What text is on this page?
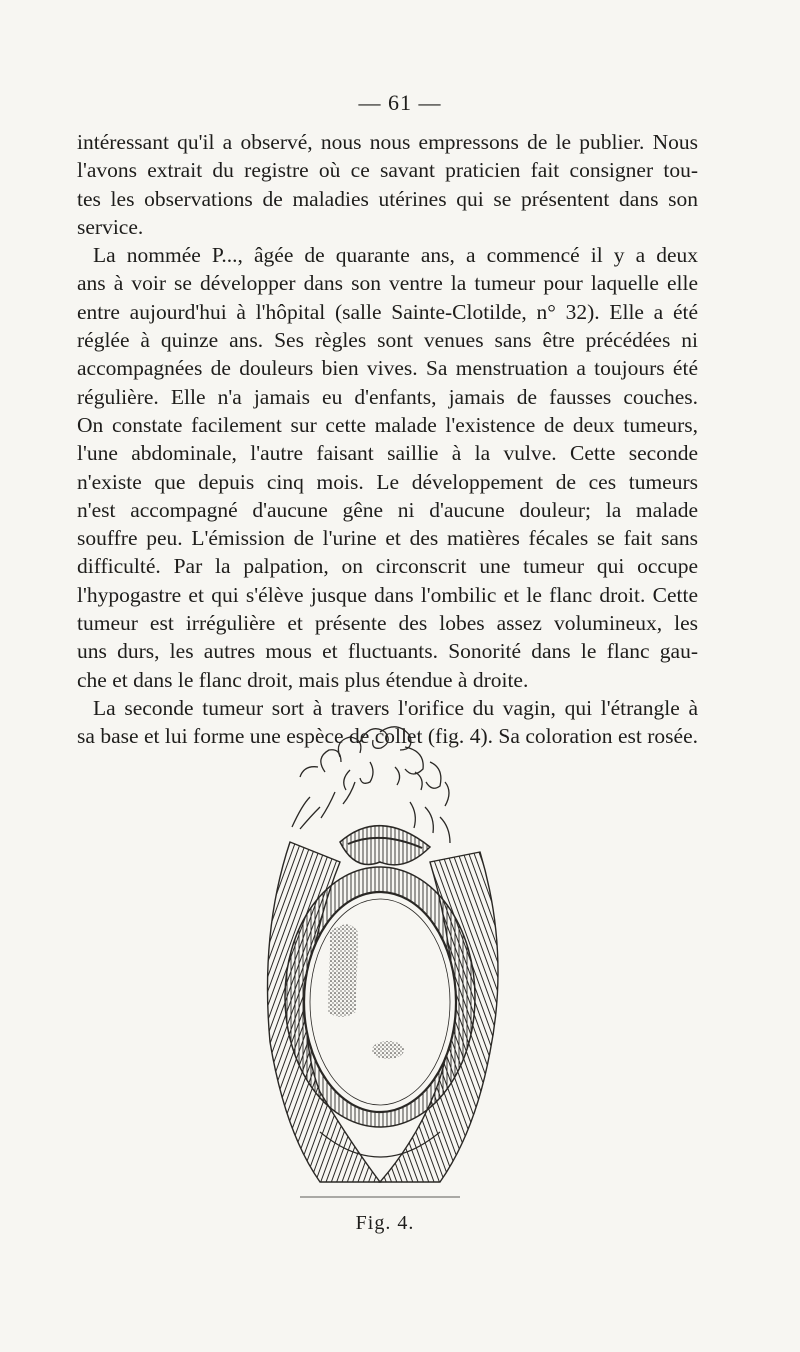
— 61 —

intéressant qu'il a observé, nous nous empressons de le publier. Nous
l'avons extrait du registre où ce savant praticien fait consigner tou-
tes les observations de maladies utérines qui se présentent dans son
service.

La nommée P..., âgée de quarante ans, a commencé il y a deux
ans à voir se développer dans son ventre la tumeur pour laquelle elle
entre aujourd'hui à l'hôpital (salle Sainte-Clotilde, n° 32). Elle a été
réglée à quinze ans. Ses règles sont venues sans être précédées ni
accompagnées de douleurs bien vives. Sa menstruation a toujours été
régulière. Elle n'a jamais eu d'enfants, jamais de fausses couches.
On constate facilement sur cette malade l'existence de deux tumeurs,
l'une abdominale, l'autre faisant saillie à la vulve. Cette seconde
n'existe que depuis cinq mois. Le développement de ces tumeurs
n'est accompagné d'aucune gêne ni d'aucune douleur; la malade
souffre peu. L'émission de l'urine et des matières fécales se fait sans
difficulté. Par la palpation, on circonscrit une tumeur qui occupe
l'hypogastre et qui s'élève jusque dans l'ombilic et le flanc droit. Cette
tumeur est irrégulière et présente des lobes assez volumineux, les
uns durs, les autres mous et fluctuants. Sonorité dans le flanc gau-
che et dans le flanc droit, mais plus étendue à droite.

La seconde tumeur sort à travers l'orifice du vagin, qui l'étrangle à
sa base et lui forme une espèce de collet (fig. 4). Sa coloration est rosée.

Fig. 4.
